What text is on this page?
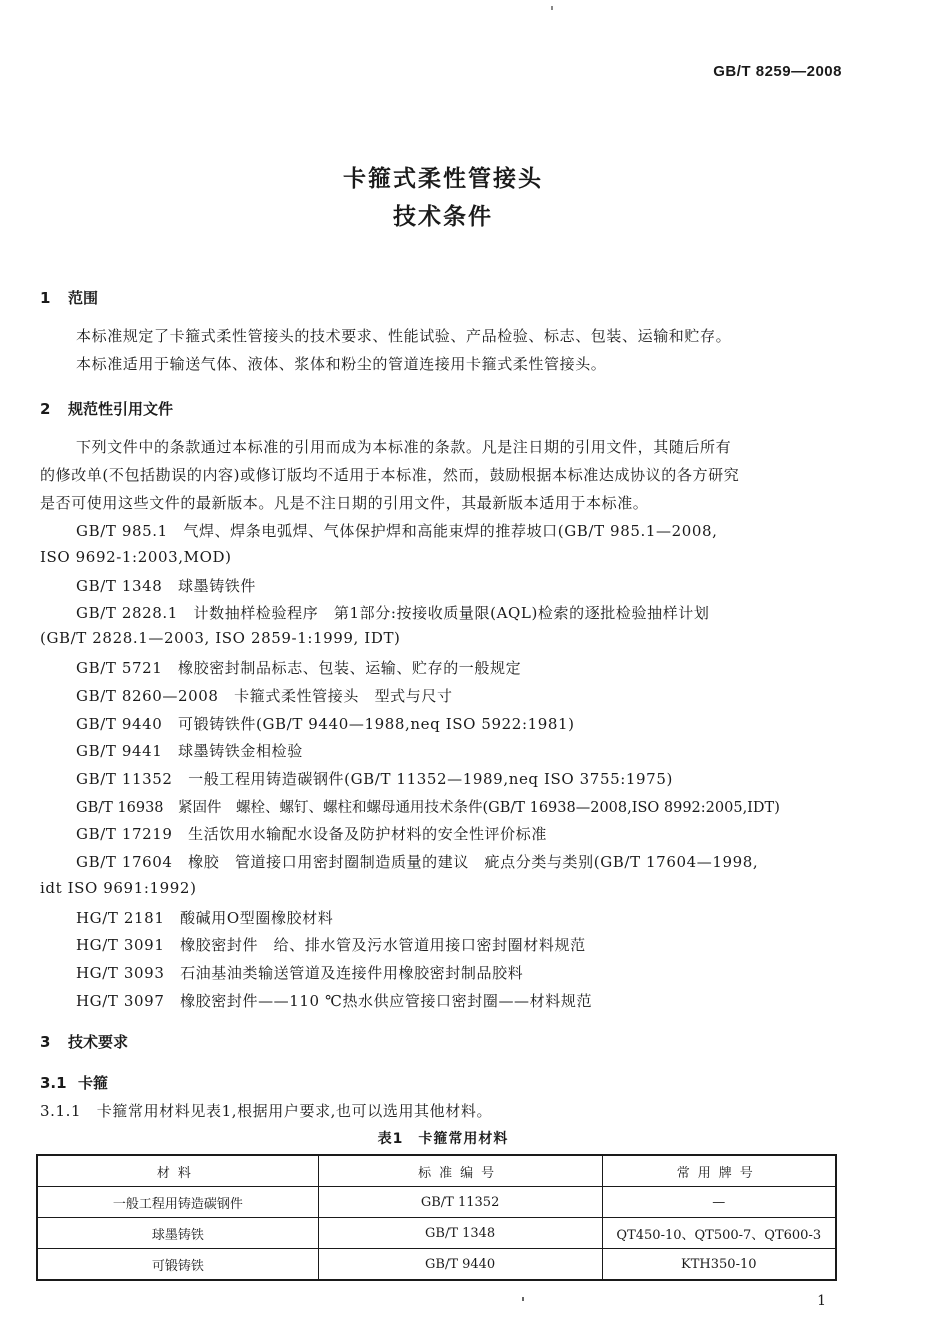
GB/T 8259—2008
卡箍式柔性管接头
技术条件
1 范围
本标准规定了卡箍式柔性管接头的技术要求、性能试验、产品检验、标志、包装、运输和贮存。
本标准适用于输送气体、液体、浆体和粉尘的管道连接用卡箍式柔性管接头。
2 规范性引用文件
下列文件中的条款通过本标准的引用而成为本标准的条款。凡是注日期的引用文件，其随后所有
的修改单(不包括勘误的内容)或修订版均不适用于本标准，然而，鼓励根据本标准达成协议的各方研究
是否可使用这些文件的最新版本。凡是不注日期的引用文件，其最新版本适用于本标准。
GB/T 985.1　气焊、焊条电弧焊、气体保护焊和高能束焊的推荐坡口(GB/T 985.1—2008,
ISO 9692-1:2003,MOD)
GB/T 1348　球墨铸铁件
GB/T 2828.1　计数抽样检验程序　第1部分:按接收质量限(AQL)检索的逐批检验抽样计划
(GB/T 2828.1—2003, ISO 2859-1:1999, IDT)
GB/T 5721　橡胶密封制品标志、包装、运输、贮存的一般规定
GB/T 8260—2008　卡箍式柔性管接头　型式与尺寸
GB/T 9440　可锻铸铁件(GB/T 9440—1988,neq ISO 5922:1981)
GB/T 9441　球墨铸铁金相检验
GB/T 11352　一般工程用铸造碳钢件(GB/T 11352—1989,neq ISO 3755:1975)
GB/T 16938　紧固件　螺栓、螺钉、螺柱和螺母通用技术条件(GB/T 16938—2008,ISO 8992:2005,IDT)
GB/T 17219　生活饮用水输配水设备及防护材料的安全性评价标准
GB/T 17604　橡胶　管道接口用密封圈制造质量的建议　疵点分类与类别(GB/T 17604—1998,
idt ISO 9691:1992)
HG/T 2181　酸碱用O型圈橡胶材料
HG/T 3091　橡胶密封件　给、排水管及污水管道用接口密封圈材料规范
HG/T 3093　石油基油类输送管道及连接件用橡胶密封制品胶料
HG/T 3097　橡胶密封件——110 ℃热水供应管接口密封圈——材料规范
3 技术要求
3.1 卡箍
3.1.1　卡箍常用材料见表1,根据用户要求,也可以选用其他材料。
表1　卡箍常用材料
材料	标准编号	常用牌号
一般工程用铸造碳钢件	GB/T 11352	—
球墨铸铁	GB/T 1348	QT450-10、QT500-7、QT600-3
可锻铸铁	GB/T 9440	KTH350-10
1
